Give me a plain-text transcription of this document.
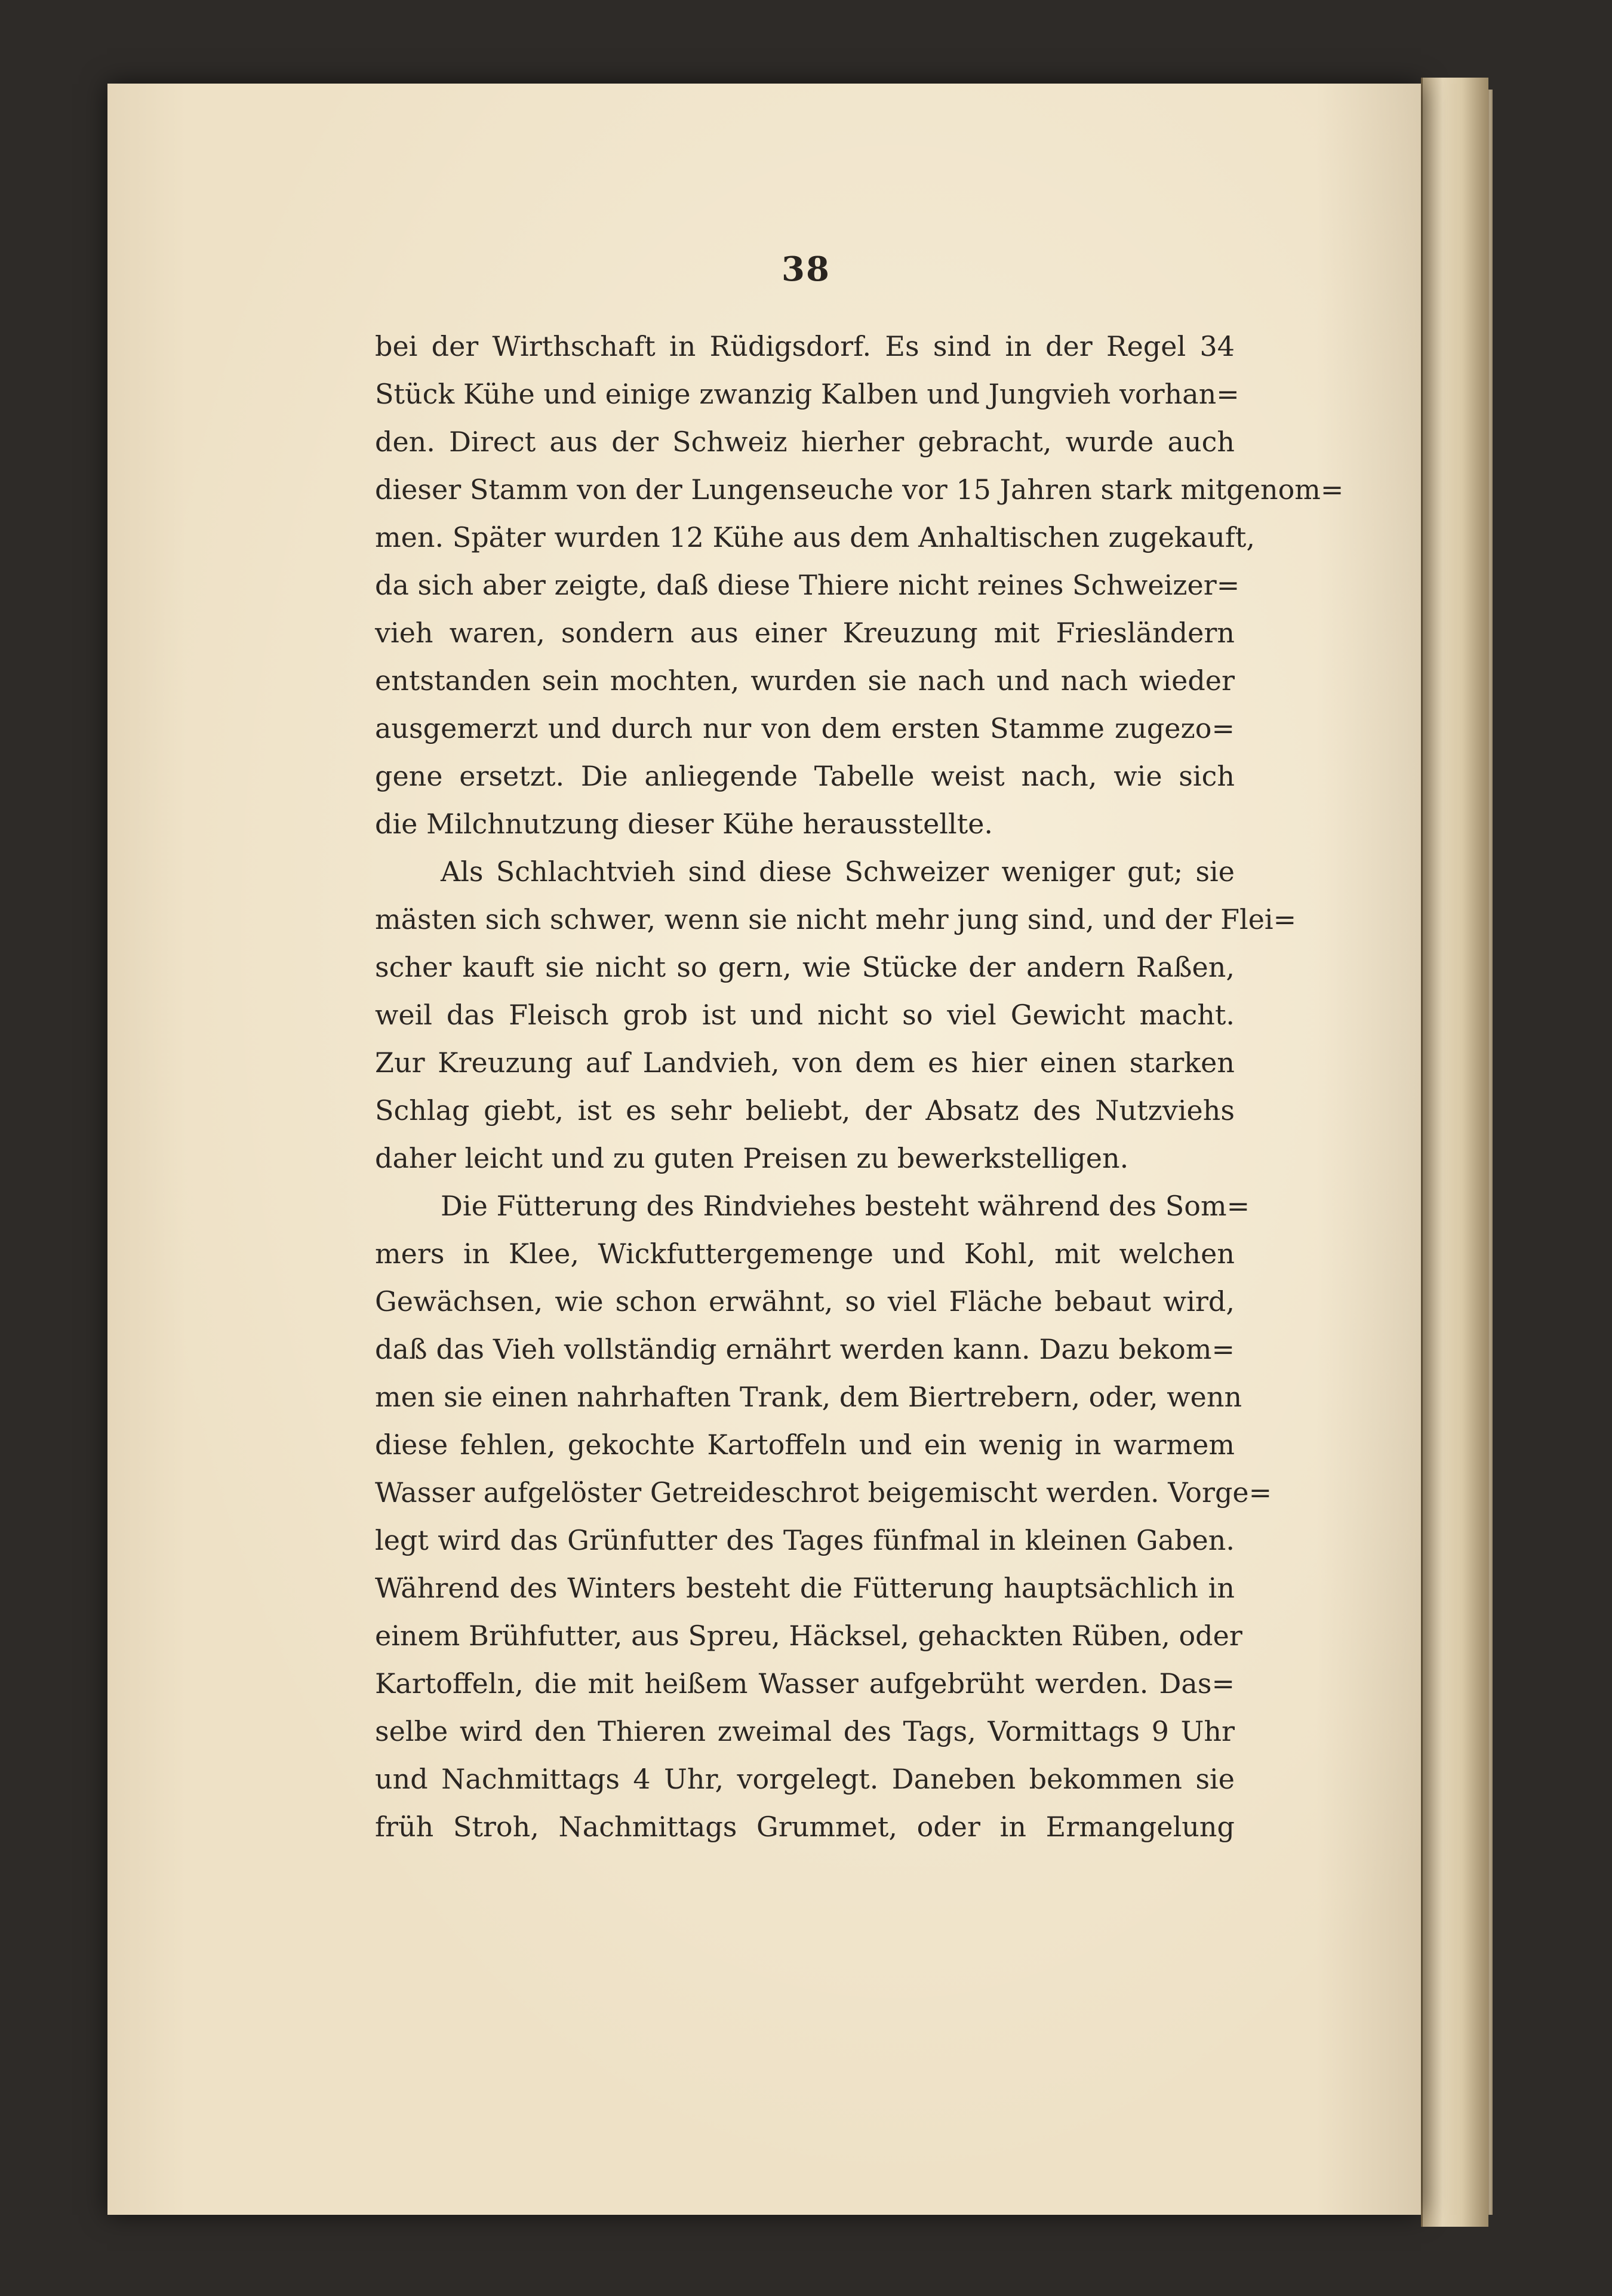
38
bei der Wirthschaft in Rüdigsdorf. Es sind in der Regel 34
Stück Kühe und einige zwanzig Kalben und Jungvieh vorhan=
den. Direct aus der Schweiz hierher gebracht, wurde auch
dieser Stamm von der Lungenseuche vor 15 Jahren stark mitgenom=
men. Später wurden 12 Kühe aus dem Anhaltischen zugekauft,
da sich aber zeigte, daß diese Thiere nicht reines Schweizer=
vieh waren, sondern aus einer Kreuzung mit Friesländern
entstanden sein mochten, wurden sie nach und nach wieder
ausgemerzt und durch nur von dem ersten Stamme zugezo=
gene ersetzt. Die anliegende Tabelle weist nach, wie sich
die Milchnutzung dieser Kühe herausstellte.
Als Schlachtvieh sind diese Schweizer weniger gut; sie
mästen sich schwer, wenn sie nicht mehr jung sind, und der Flei=
scher kauft sie nicht so gern, wie Stücke der andern Raßen,
weil das Fleisch grob ist und nicht so viel Gewicht macht.
Zur Kreuzung auf Landvieh, von dem es hier einen starken
Schlag giebt, ist es sehr beliebt, der Absatz des Nutzviehs
daher leicht und zu guten Preisen zu bewerkstelligen.
Die Fütterung des Rindviehes besteht während des Som=
mers in Klee, Wickfuttergemenge und Kohl, mit welchen
Gewächsen, wie schon erwähnt, so viel Fläche bebaut wird,
daß das Vieh vollständig ernährt werden kann. Dazu bekom=
men sie einen nahrhaften Trank, dem Biertrebern, oder, wenn
diese fehlen, gekochte Kartoffeln und ein wenig in warmem
Wasser aufgelöster Getreideschrot beigemischt werden. Vorge=
legt wird das Grünfutter des Tages fünfmal in kleinen Gaben.
Während des Winters besteht die Fütterung hauptsächlich in
einem Brühfutter, aus Spreu, Häcksel, gehackten Rüben, oder
Kartoffeln, die mit heißem Wasser aufgebrüht werden. Das=
selbe wird den Thieren zweimal des Tags, Vormittags 9 Uhr
und Nachmittags 4 Uhr, vorgelegt. Daneben bekommen sie
früh Stroh, Nachmittags Grummet, oder in Ermangelung
